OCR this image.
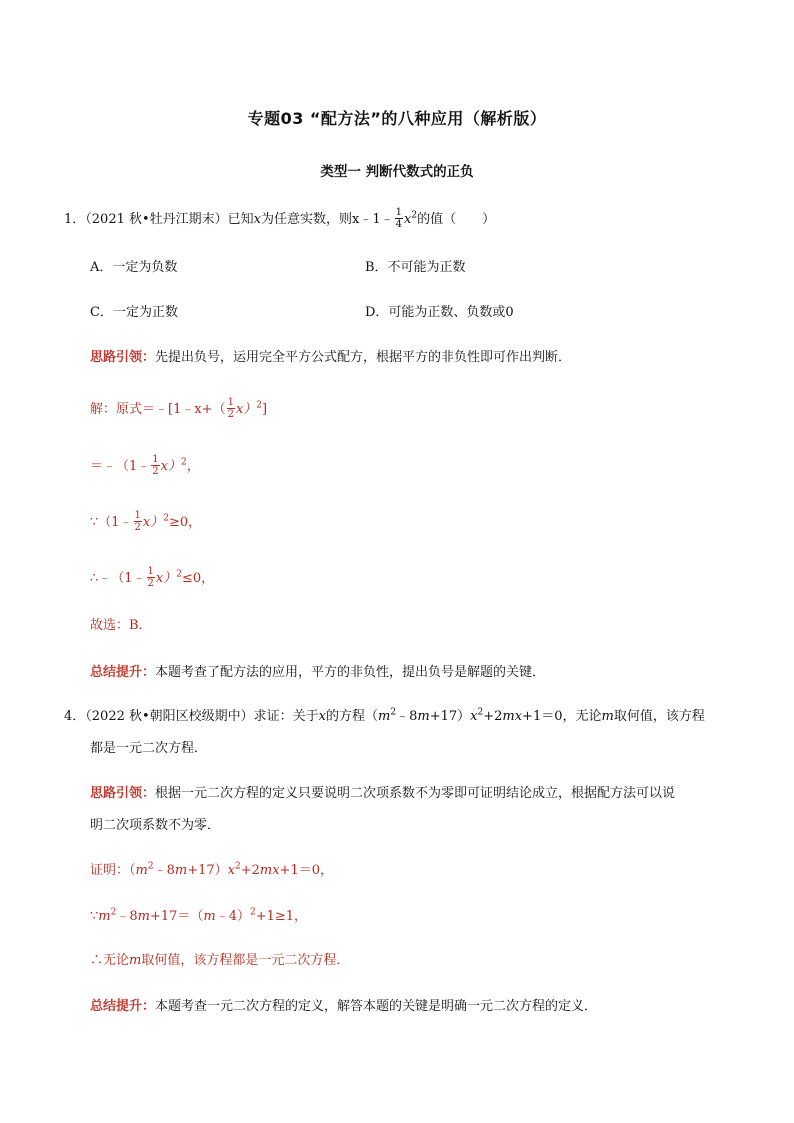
专题03 “配方法”的八种应用（解析版）
类型一 判断代数式的正负
1．（2021 秋•牡丹江期末）已知x为任意实数，则x﹣1﹣ $\frac{1}{4} x^2$的值（　　）
A．一定为负数	B．不可能为正数
C．一定为正数	D．可能为正数、负数或0
思路引领：先提出负号，运用完全平方公式配方，根据平方的非负性即可作出判断．
解：原式＝﹣[1﹣x+（ $\frac{1}{2} x)^2$]
＝﹣（1﹣ $\frac{1}{2} x)^2$，
∵（1﹣ $\frac{1}{2} x)^2\ge 0$，
∴﹣（1﹣ $\frac{1}{2} x)^2\le 0$，
故选：B．
总结提升：本题考查了配方法的应用，平方的非负性，提出负号是解题的关键．
4．（2022 秋•朝阳区校级期中）求证：关于x的方程$(m^2﹣8m+17)x^2+2mx+1=0$，无论m取何值，该方程
都是一元二次方程．
思路引领：根据一元二次方程的定义只要说明二次项系数不为零即可证明结论成立，根据配方法可以说
明二次项系数不为零．
证明：$(m^2﹣8m+17)x^2+2mx+1=0$，
$\because m^2﹣8m+17=(m﹣4)^2+1\ge 1$，
∴无论m取何值，该方程都是一元二次方程．
总结提升：本题考查一元二次方程的定义，解答本题的关键是明确一元二次方程的定义．
